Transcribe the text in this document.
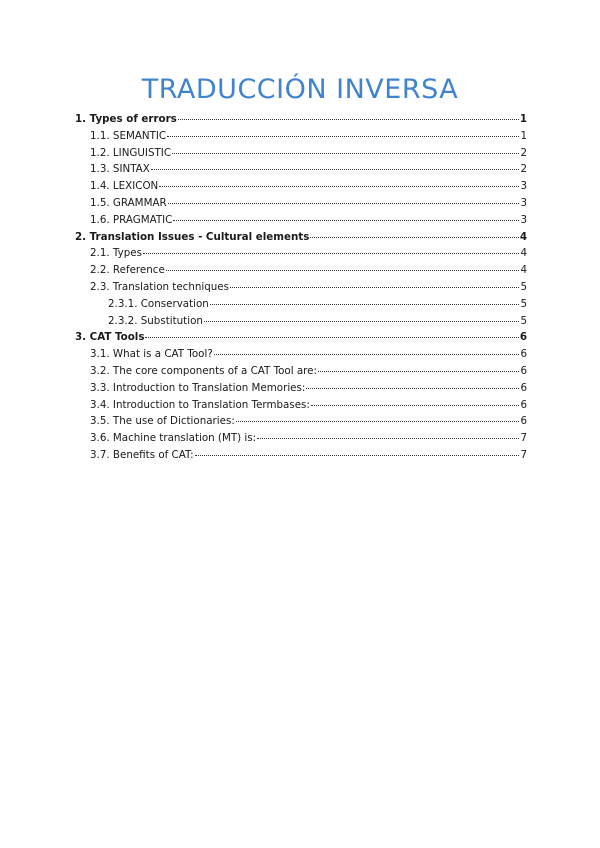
TRADUCCIÓN INVERSA
1. Types of errors	1
1.1. SEMANTIC	1
1.2. LINGUISTIC	2
1.3. SINTAX	2
1.4. LEXICON	3
1.5. GRAMMAR	3
1.6. PRAGMATIC	3
2. Translation Issues - Cultural elements	4
2.1. Types	4
2.2. Reference	4
2.3. Translation techniques	5
2.3.1. Conservation	5
2.3.2. Substitution	5
3. CAT Tools	6
3.1. What is a CAT Tool?	6
3.2. The core components of a CAT Tool are:	6
3.3. Introduction to Translation Memories:	6
3.4. Introduction to Translation Termbases:	6
3.5. The use of Dictionaries:	6
3.6. Machine translation (MT) is:	7
3.7. Benefits of CAT:	7
